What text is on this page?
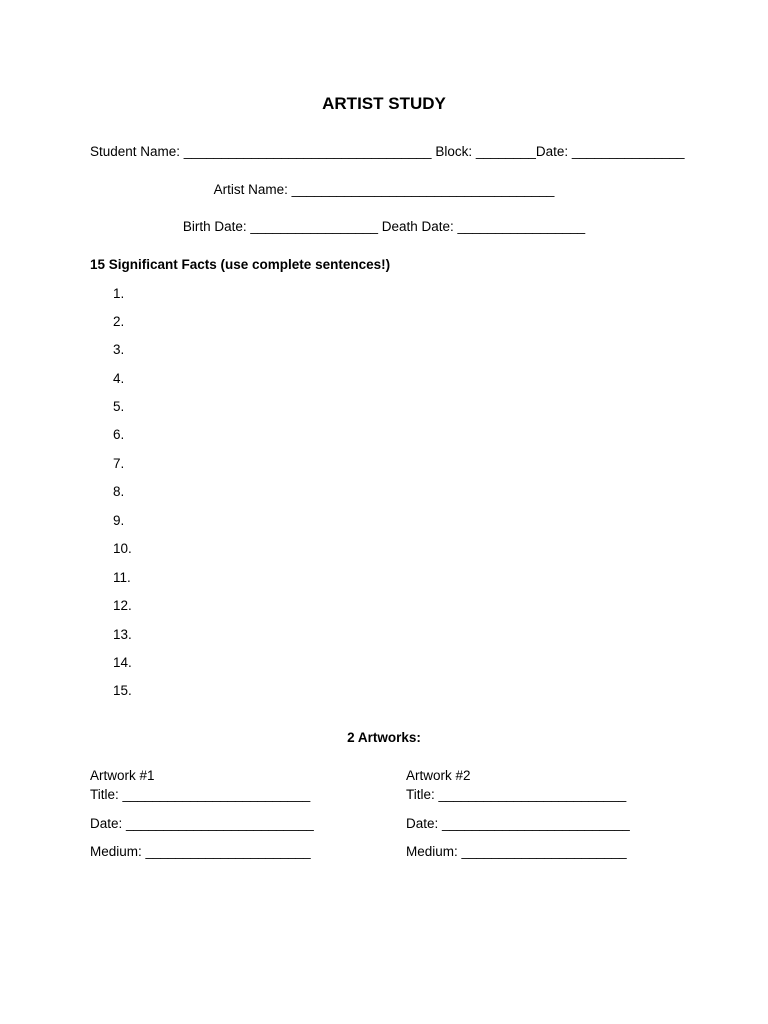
ARTIST STUDY
Student Name: _________________________________ Block: ________Date: _______________
Artist Name: ___________________________________
Birth Date: _________________ Death Date: _________________
15 Significant Facts (use complete sentences!)
1.
2.
3.
4.
5.
6.
7.
8.
9.
10.
11.
12.
13.
14.
15.
2 Artworks:
Artwork #1
Title: _________________________
Date: _________________________
Medium: ______________________
Artwork #2
Title: _________________________
Date: _________________________
Medium: ______________________
